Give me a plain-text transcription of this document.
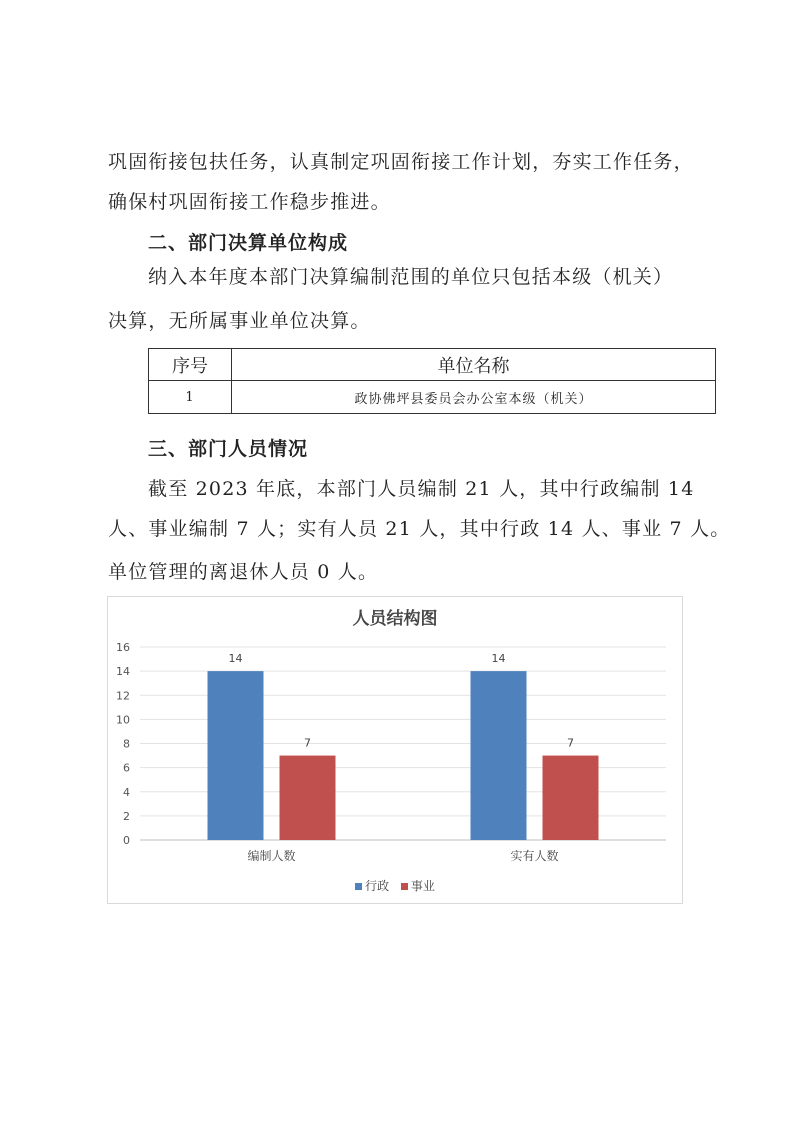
巩固衔接包扶任务，认真制定巩固衔接工作计划，夯实工作任务，
确保村巩固衔接工作稳步推进。
二、部门决算单位构成
纳入本年度本部门决算编制范围的单位只包括本级（机关）
决算，无所属事业单位决算。
序号	单位名称
1	政协佛坪县委员会办公室本级（机关）
三、部门人员情况
截至 2023 年底，本部门人员编制 21 人，其中行政编制 14
人、事业编制 7 人；实有人员 21 人，其中行政 14 人、事业 7 人。
单位管理的离退休人员 0 人。
人员结构图
0
2
4
6
8
10
12
14
16
14
7
编制人数
14
7
实有人数
行政 事业
